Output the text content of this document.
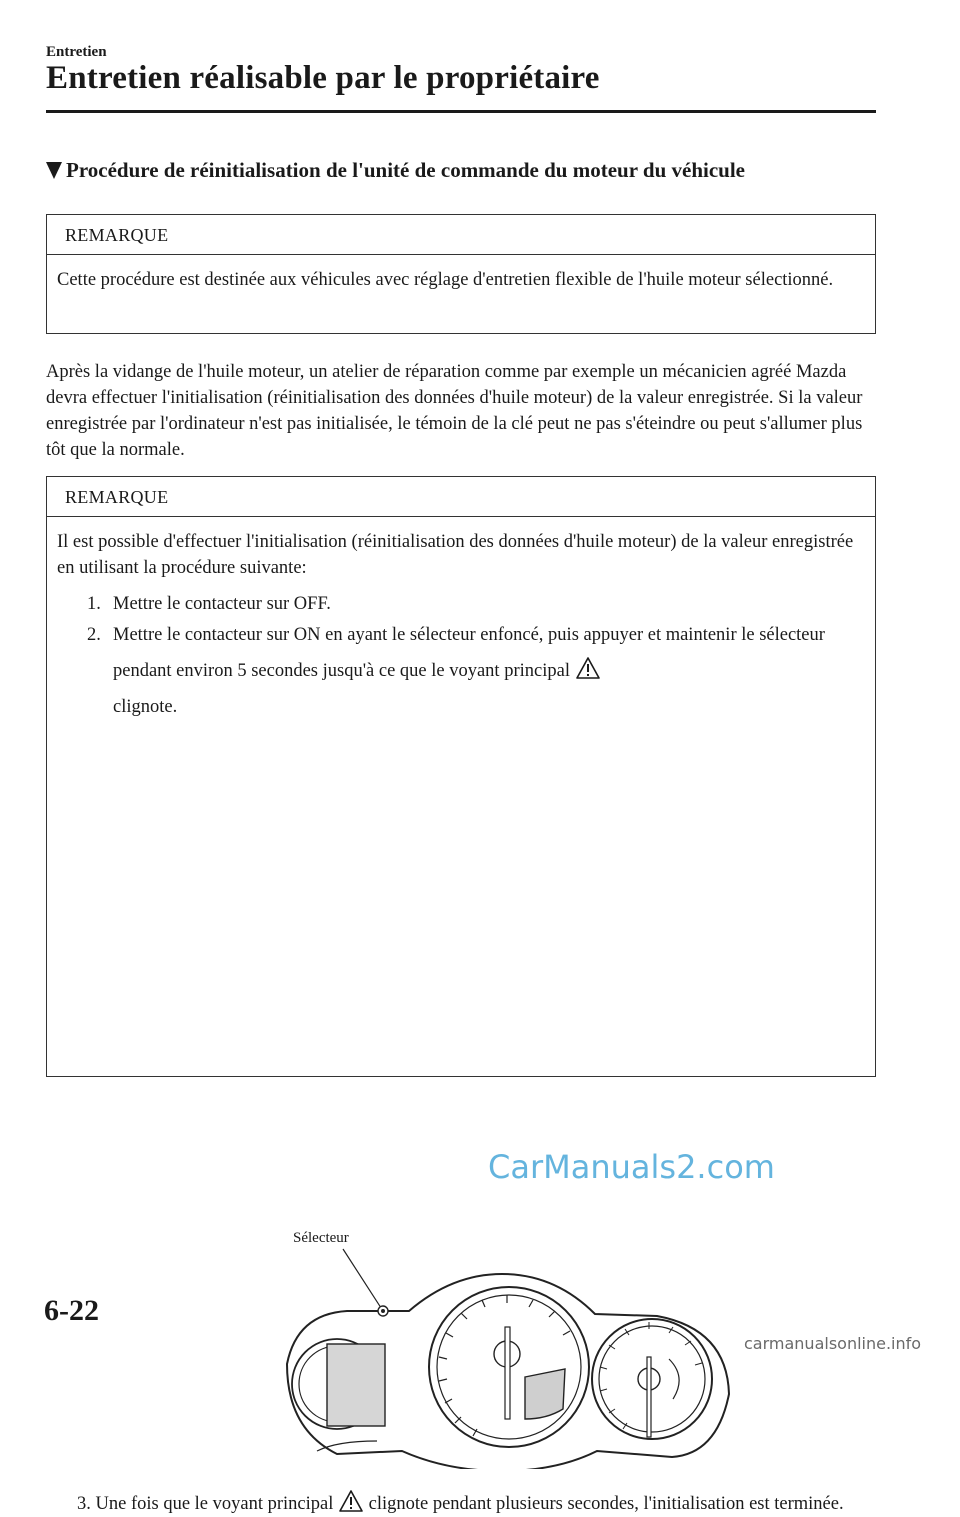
Entretien
Entretien réalisable par le propriétaire
Procédure de réinitialisation de l'unité de commande du moteur du véhicule
REMARQUE
Cette procédure est destinée aux véhicules avec réglage d'entretien flexible de l'huile moteur sélectionné.
Après la vidange de l'huile moteur, un atelier de réparation comme par exemple un mécanicien agréé Mazda devra effectuer l'initialisation (réinitialisation des données d'huile moteur) de la valeur enregistrée. Si la valeur enregistrée par l'ordinateur n'est pas initialisée, le témoin de la clé peut ne pas s'éteindre ou peut s'allumer plus tôt que la normale.
REMARQUE
Il est possible d'effectuer l'initialisation (réinitialisation des données d'huile moteur) de la valeur enregistrée en utilisant la procédure suivante:
1. Mettre le contacteur sur OFF.
2. Mettre le contacteur sur ON en ayant le sélecteur enfoncé, puis appuyer et maintenir le sélecteur pendant environ 5 secondes jusqu'à ce que le voyant principal
clignote.
Sélecteur
3. Une fois que le voyant principal clignote pendant plusieurs secondes, l'initialisation est terminée.
CarManuals2.com
6-22
carmanualsonline.info
